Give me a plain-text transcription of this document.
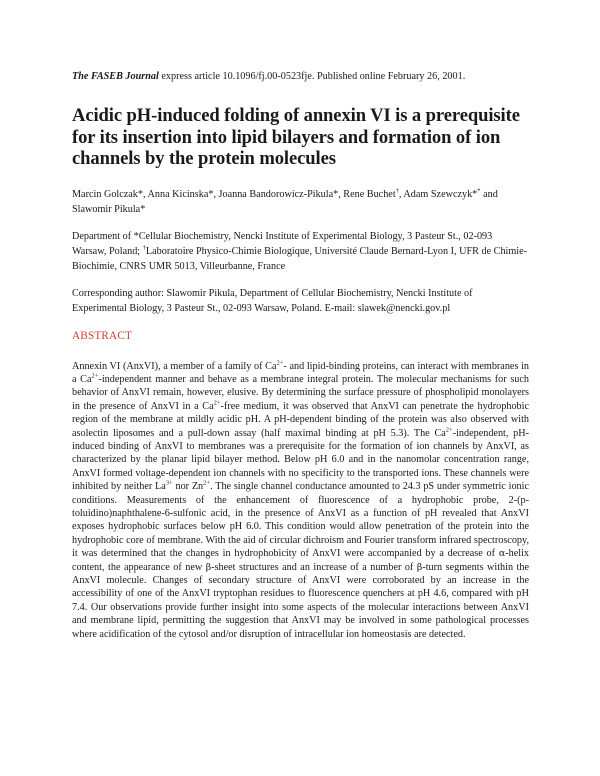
The FASEB Journal express article 10.1096/fj.00-0523fje. Published online February 26, 2001.
Acidic pH-induced folding of annexin VI is a prerequisite for its insertion into lipid bilayers and formation of ion channels by the protein molecules
Marcin Golczak*, Anna Kicinska*, Joanna Bandorowicz-Pikula*, Rene Buchet†, Adam Szewczyk** and Slawomir Pikula*
Department of *Cellular Biochemistry, Nencki Institute of Experimental Biology, 3 Pasteur St., 02-093 Warsaw, Poland; †Laboratoire Physico-Chimie Biologique, Université Claude Bernard-Lyon I, UFR de Chimie-Biochimie, CNRS UMR 5013, Villeurbanne, France
Corresponding author: Slawomir Pikula, Department of Cellular Biochemistry, Nencki Institute of Experimental Biology, 3 Pasteur St., 02-093 Warsaw, Poland. E-mail: slawek@nencki.gov.pl
ABSTRACT
Annexin VI (AnxVI), a member of a family of $Ca^{2+}-$ and lipid-binding proteins, can interact with membranes in a $Ca^{2+}$-independent manner and behave as a membrane integral protein. The molecular mechanisms for such behavior of AnxVI remain, however, elusive. By determining the surface pressure of phospholipid monolayers in the presence of AnxVI in a $Ca^{2+}$-free medium, it was observed that AnxVI can penetrate the hydrophobic region of the membrane at mildly acidic pH. A pH-dependent binding of the protein was also observed with asolectin liposomes and a pull-down assay (half maximal binding at pH 5.3). The $Ca^{2+}$-independent, pH-induced binding of AnxVI to membranes was a prerequisite for the formation of ion channels by AnxVI, as characterized by the planar lipid bilayer method. Below pH 6.0 and in the nanomolar concentration range, AnxVI formed voltage-dependent ion channels with no specificity to the transported ions. These channels were inhibited by neither $La^{3+}$ nor $Zn^{2+}$. The single channel conductance amounted to 24.3 pS under symmetric ionic conditions. Measurements of the enhancement of fluorescence of a hydrophobic probe, 2-(p-toluidino)naphthalene-6-sulfonic acid, in the presence of AnxVI as a function of pH revealed that AnxVI exposes hydrophobic surfaces below pH 6.0. This condition would allow penetration of the protein into the hydrophobic core of membrane. With the aid of circular dichroism and Fourier transform infrared spectroscopy, it was determined that the changes in hydrophobicity of AnxVI were accompanied by a decrease of α-helix content, the appearance of new β-sheet structures and an increase of a number of β-turn segments within the AnxVI molecule. Changes of secondary structure of AnxVI were corroborated by an increase in the accessibility of one of the AnxVI tryptophan residues to fluorescence quenchers at pH 4.6, compared with pH 7.4. Our observations provide further insight into some aspects of the molecular interactions between AnxVI and membrane lipid, permitting the suggestion that AnxVI may be involved in some pathological processes where acidification of the cytosol and/or disruption of intracellular ion homeostasis are detected.
